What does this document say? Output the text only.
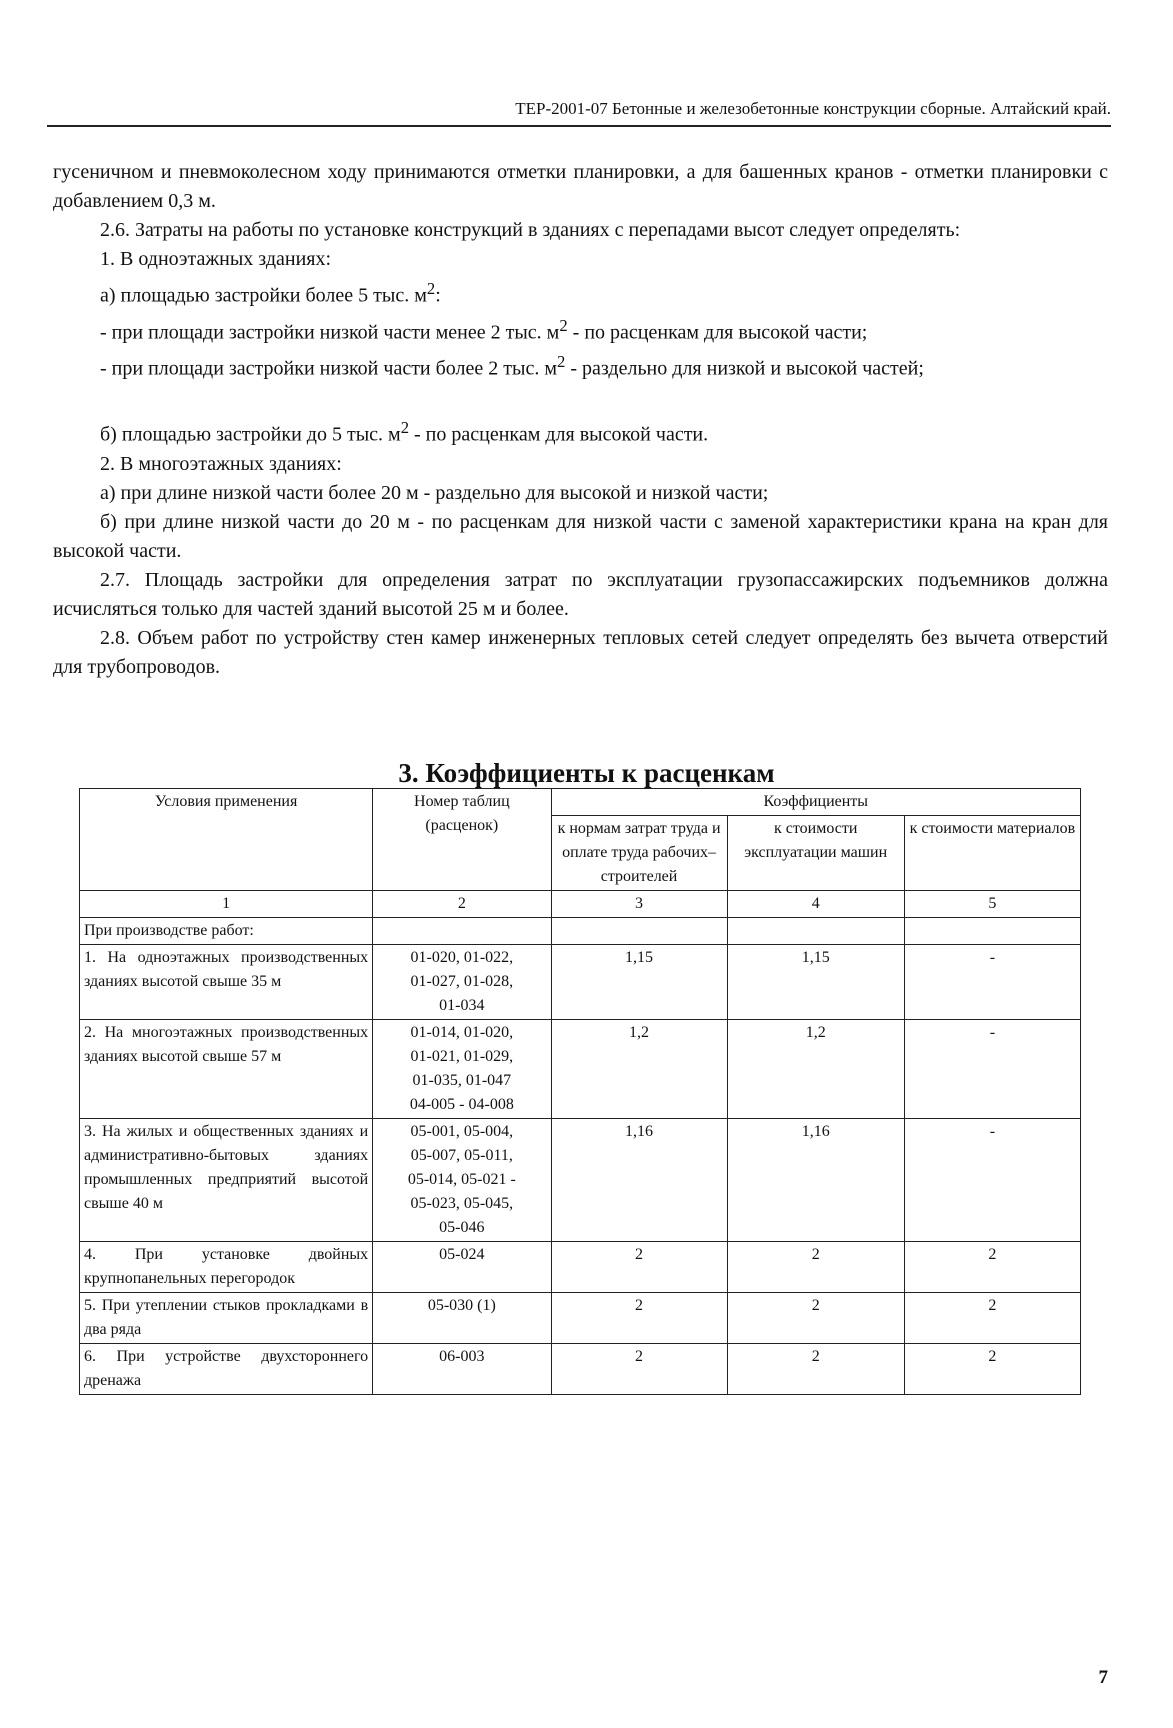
ТЕР-2001-07 Бетонные и железобетонные конструкции сборные. Алтайский край.

гусеничном и пневмоколесном ходу принимаются отметки планировки, а для башенных кранов - отметки планировки с добавлением 0,3 м.

2.6. Затраты на работы по установке конструкций в зданиях с перепадами высот следует определять:

1. В одноэтажных зданиях:

а) площадью застройки более 5 тыс. $м^2$:

- при площади застройки низкой части менее 2 тыс. $м^2$ - по расценкам для высокой части;

- при площади застройки низкой части более 2 тыс. $м^2$ - раздельно для низкой и высокой частей;

б) площадью застройки до 5 тыс. $м^2$ - по расценкам для высокой части.

2. В многоэтажных зданиях:

а) при длине низкой части более 20 м - раздельно для высокой и низкой части;

б) при длине низкой части до 20 м - по расценкам для низкой части с заменой характеристики крана на кран для высокой части.

2.7. Площадь застройки для определения затрат по эксплуатации грузопассажирских подъемников должна исчисляться только для частей зданий высотой 25 м и более.

2.8. Объем работ по устройству стен камер инженерных тепловых сетей следует определять без вычета отверстий для трубопроводов.

3. Коэффициенты к расценкам
Условия применения	Номер таблиц (расценок)	Коэффициенты		
		к нормам затрат труда и оплате труда рабочих–строителей	к стоимости эксплуатации машин	к стоимости материалов
1	2	3	4	5
При производстве работ:				
1. На одноэтажных производственных зданиях высотой свыше 35 м	01-020, 01-022,
01-027, 01-028,
01-034	1,15	1,15	-
2. На многоэтажных производственных зданиях высотой свыше 57 м	01-014, 01-020,
01-021, 01-029,
01-035, 01-047
04-005 - 04-008	1,2	1,2	-
3. На жилых и общественных зданиях и административно-бытовых зданиях промышленных предприятий высотой свыше 40 м	05-001, 05-004,
05-007, 05-011,
05-014, 05-021 -
05-023, 05-045,
05-046	1,16	1,16	-
4. При установке двойных крупнопанельных перегородок	05-024	2	2	2
5. При утеплении стыков прокладками в два ряда	05-030 (1)	2	2	2
6. При устройстве двухстороннего дренажа	06-003	2	2	2
7
